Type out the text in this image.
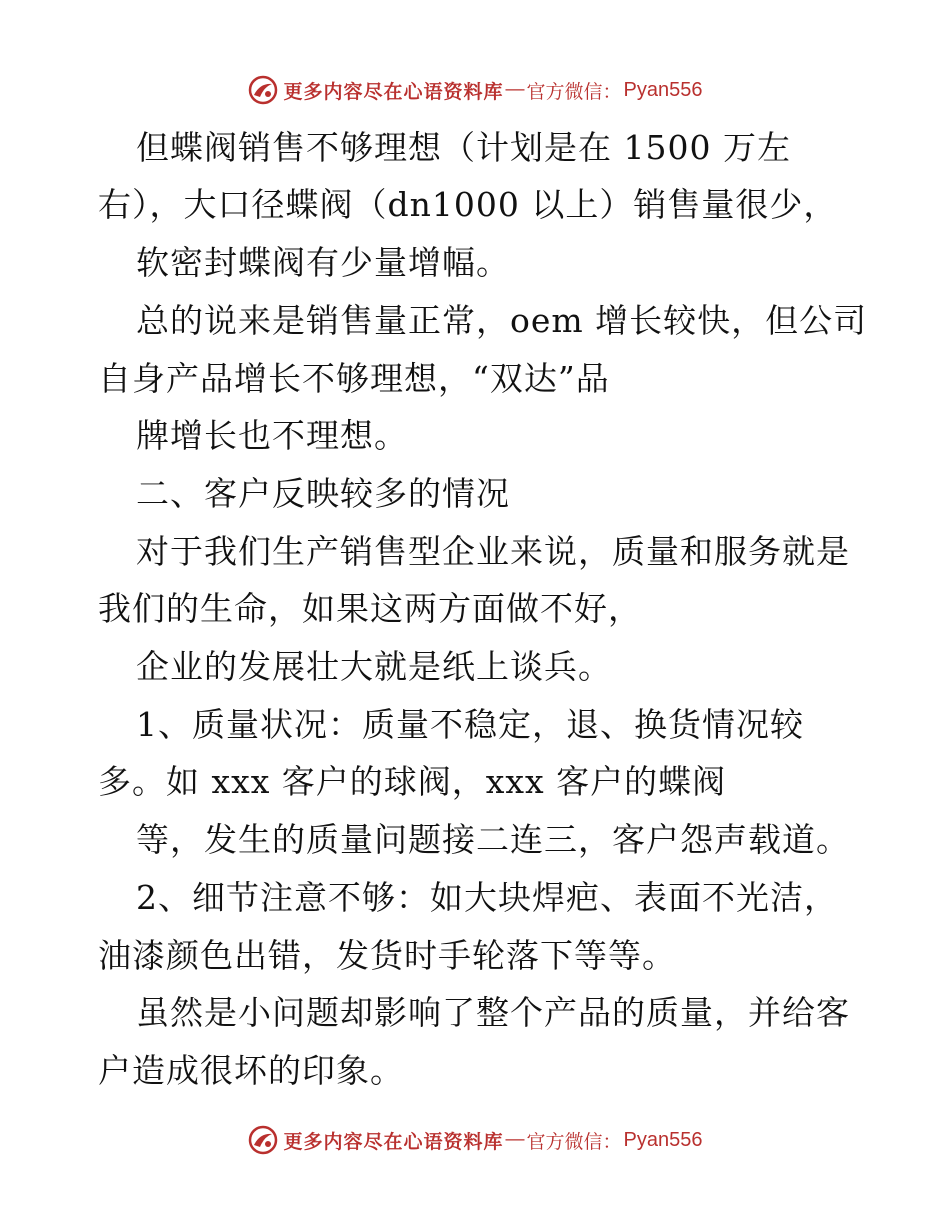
更多内容尽在心语资料库 — 官方微信： Pyan556
但蝶阀销售不够理想（计划是在 1500 万左
右），大口径蝶阀（dn1000 以上）销售量很少，
软密封蝶阀有少量增幅。
总的说来是销售量正常，oem 增长较快，但公司
自身产品增长不够理想，“双达”品
牌增长也不理想。
二、客户反映较多的情况
对于我们生产销售型企业来说，质量和服务就是
我们的生命，如果这两方面做不好，
企业的发展壮大就是纸上谈兵。
1、质量状况：质量不稳定，退、换货情况较
多。如 xxx 客户的球阀，xxx 客户的蝶阀
等，发生的质量问题接二连三，客户怨声载道。
2、细节注意不够：如大块焊疤、表面不光洁，
油漆颜色出错，发货时手轮落下等等。
虽然是小问题却影响了整个产品的质量，并给客
户造成很坏的印象。
更多内容尽在心语资料库 — 官方微信： Pyan556
